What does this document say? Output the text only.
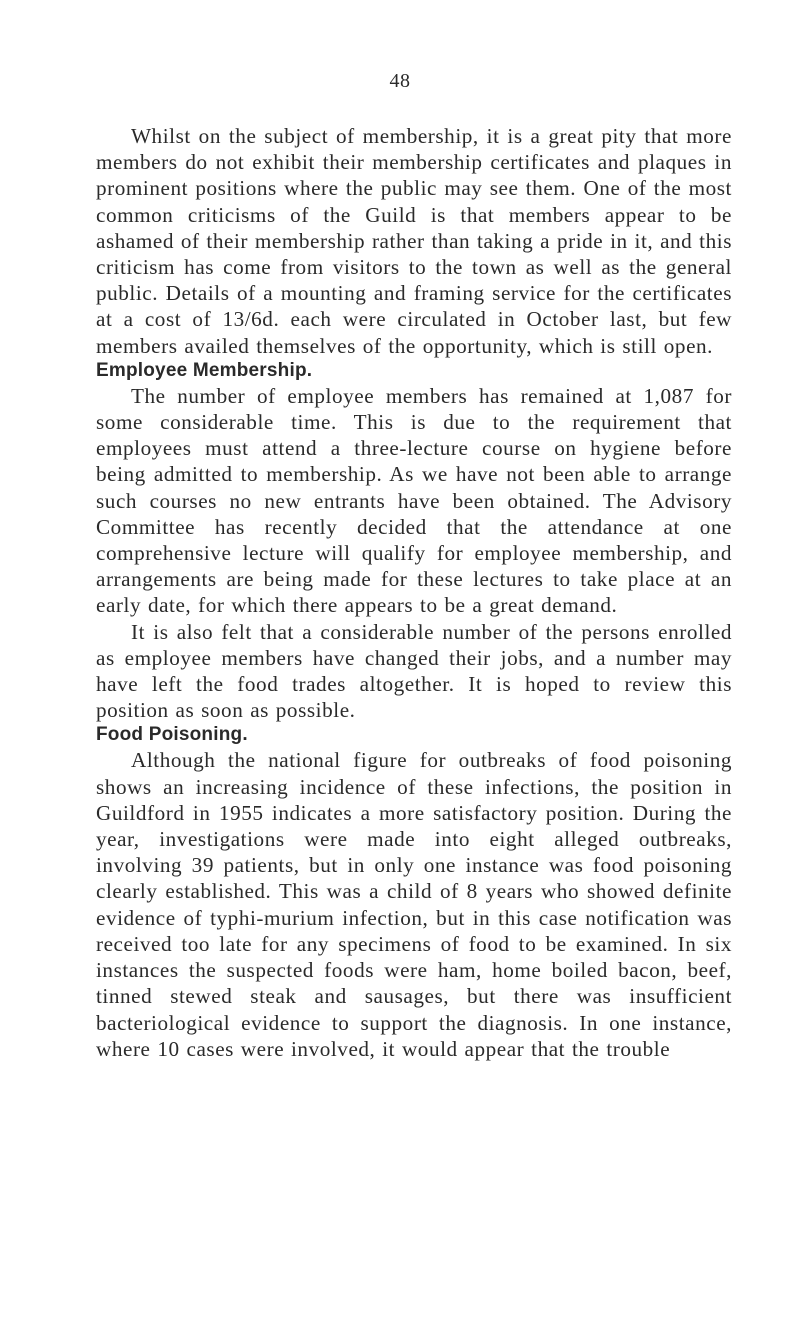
48

Whilst on the subject of membership, it is a great pity that more members do not exhibit their membership certificates and plaques in prominent positions where the public may see them. One of the most common criticisms of the Guild is that members appear to be ashamed of their membership rather than taking a pride in it, and this criticism has come from visitors to the town as well as the general public. Details of a mounting and framing service for the certificates at a cost of 13/6d. each were circulated in October last, but few members availed themselves of the opportunity, which is still open.

Employee Membership.

The number of employee members has remained at 1,087 for some considerable time. This is due to the requirement that employees must attend a three-lecture course on hygiene before being admitted to membership. As we have not been able to arrange such courses no new entrants have been obtained. The Advisory Committee has recently decided that the attendance at one comprehensive lecture will qualify for employee membership, and arrangements are being made for these lectures to take place at an early date, for which there appears to be a great demand.

It is also felt that a considerable number of the persons enrolled as employee members have changed their jobs, and a number may have left the food trades altogether. It is hoped to review this position as soon as possible.

Food Poisoning.

Although the national figure for outbreaks of food poisoning shows an increasing incidence of these infections, the position in Guildford in 1955 indicates a more satisfactory position. During the year, investigations were made into eight alleged outbreaks, involving 39 patients, but in only one instance was food poisoning clearly established. This was a child of 8 years who showed definite evidence of typhi-murium infection, but in this case notification was received too late for any specimens of food to be examined. In six instances the suspected foods were ham, home boiled bacon, beef, tinned stewed steak and sausages, but there was insufficient bacteriological evidence to support the diagnosis. In one instance, where 10 cases were involved, it would appear that the trouble
